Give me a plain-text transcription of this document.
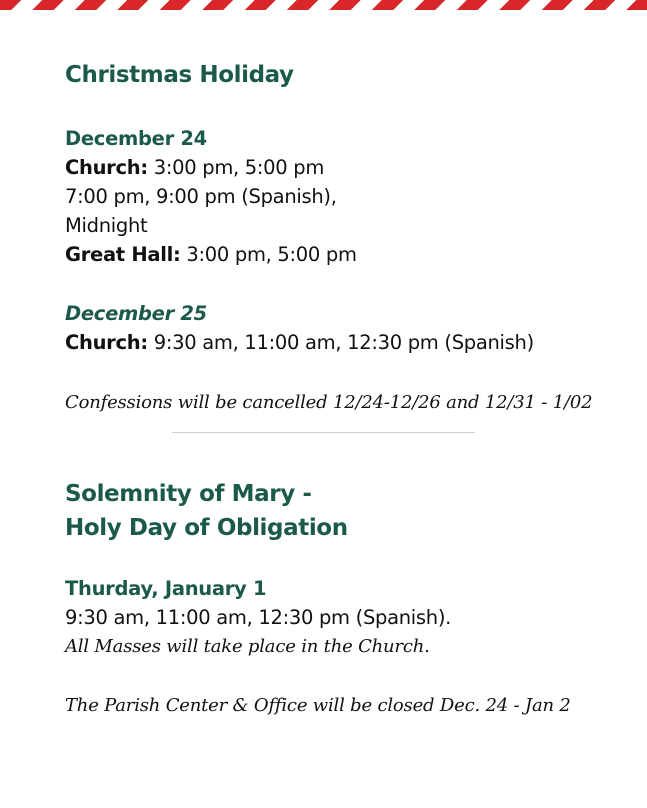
Christmas Holiday

December 24

Church: 3:00 pm, 5:00 pm

7:00 pm, 9:00 pm (Spanish),

Midnight

Great Hall: 3:00 pm, 5:00 pm

December 25

Church: 9:30 am, 11:00 am, 12:30 pm (Spanish)

Confessions will be cancelled 12/24-12/26 and 12/31 - 1/02

Solemnity of Mary -
Holy Day of Obligation

Thurday, January 1

9:30 am, 11:00 am, 12:30 pm (Spanish).

All Masses will take place in the Church.

The Parish Center & Office will be closed Dec. 24 - Jan 2
